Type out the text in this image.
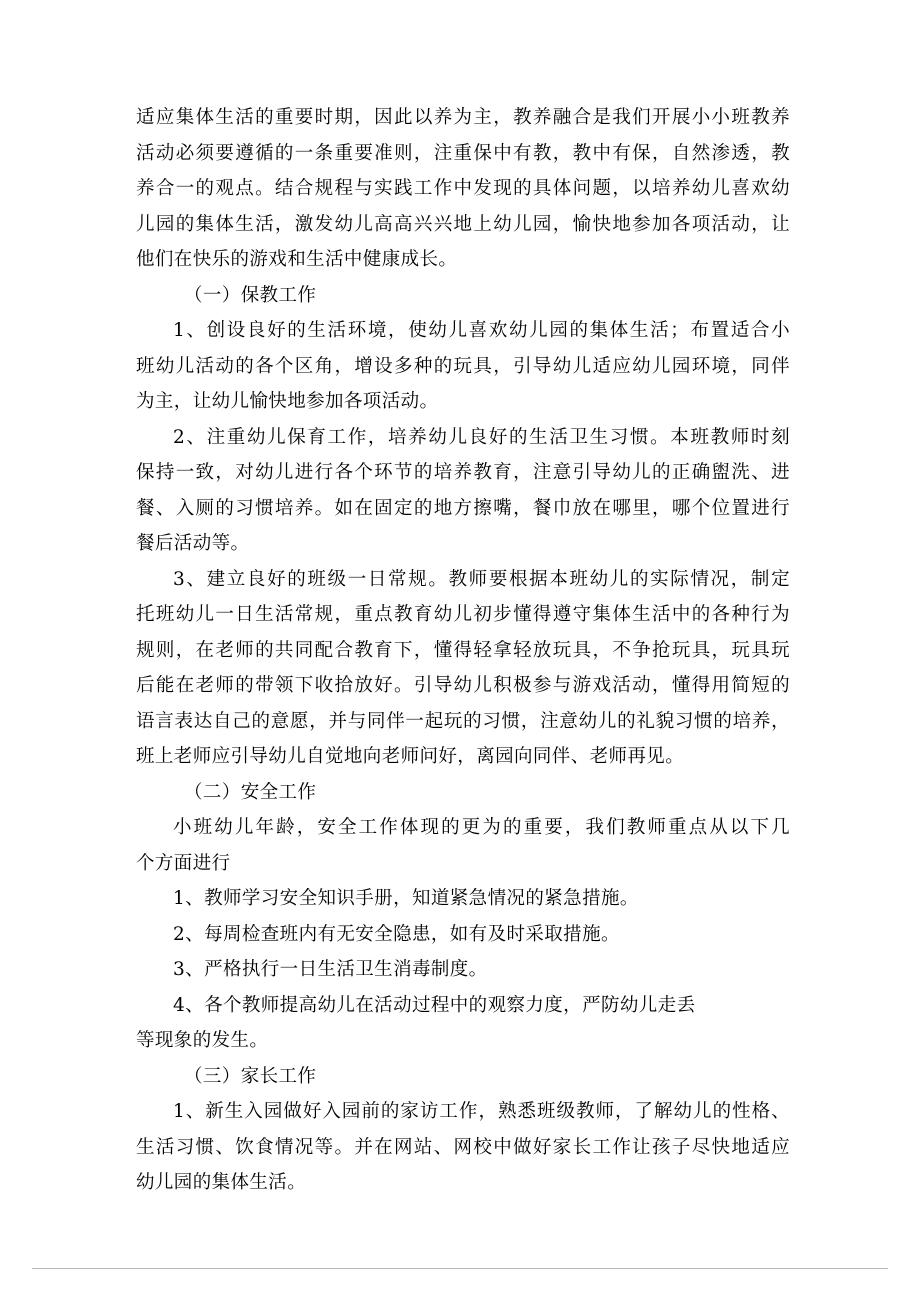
适应集体生活的重要时期，因此以养为主，教养融合是我们开展小小班教养
活动必须要遵循的一条重要准则，注重保中有教，教中有保，自然渗透，教
养合一的观点。结合规程与实践工作中发现的具体问题，以培养幼儿喜欢幼
儿园的集体生活，激发幼儿高高兴兴地上幼儿园，愉快地参加各项活动，让
他们在快乐的游戏和生活中健康成长。
（一）保教工作
1、创设良好的生活环境，使幼儿喜欢幼儿园的集体生活；布置适合小
班幼儿活动的各个区角，增设多种的玩具，引导幼儿适应幼儿园环境，同伴
为主，让幼儿愉快地参加各项活动。
2、注重幼儿保育工作，培养幼儿良好的生活卫生习惯。本班教师时刻
保持一致，对幼儿进行各个环节的培养教育，注意引导幼儿的正确盥洗、进
餐、入厕的习惯培养。如在固定的地方擦嘴，餐巾放在哪里，哪个位置进行
餐后活动等。
3、建立良好的班级一日常规。教师要根据本班幼儿的实际情况，制定
托班幼儿一日生活常规，重点教育幼儿初步懂得遵守集体生活中的各种行为
规则，在老师的共同配合教育下，懂得轻拿轻放玩具，不争抢玩具，玩具玩
后能在老师的带领下收拾放好。引导幼儿积极参与游戏活动，懂得用简短的
语言表达自己的意愿，并与同伴一起玩的习惯，注意幼儿的礼貌习惯的培养，
班上老师应引导幼儿自觉地向老师问好，离园向同伴、老师再见。
（二）安全工作
小班幼儿年龄，安全工作体现的更为的重要，我们教师重点从以下几
个方面进行
1、教师学习安全知识手册，知道紧急情况的紧急措施。
2、每周检查班内有无安全隐患，如有及时采取措施。
3、严格执行一日生活卫生消毒制度。
4、各个教师提高幼儿在活动过程中的观察力度，严防幼儿走丢
等现象的发生。
（三）家长工作
1、新生入园做好入园前的家访工作，熟悉班级教师，了解幼儿的性格、
生活习惯、饮食情况等。并在网站、网校中做好家长工作让孩子尽快地适应
幼儿园的集体生活。
